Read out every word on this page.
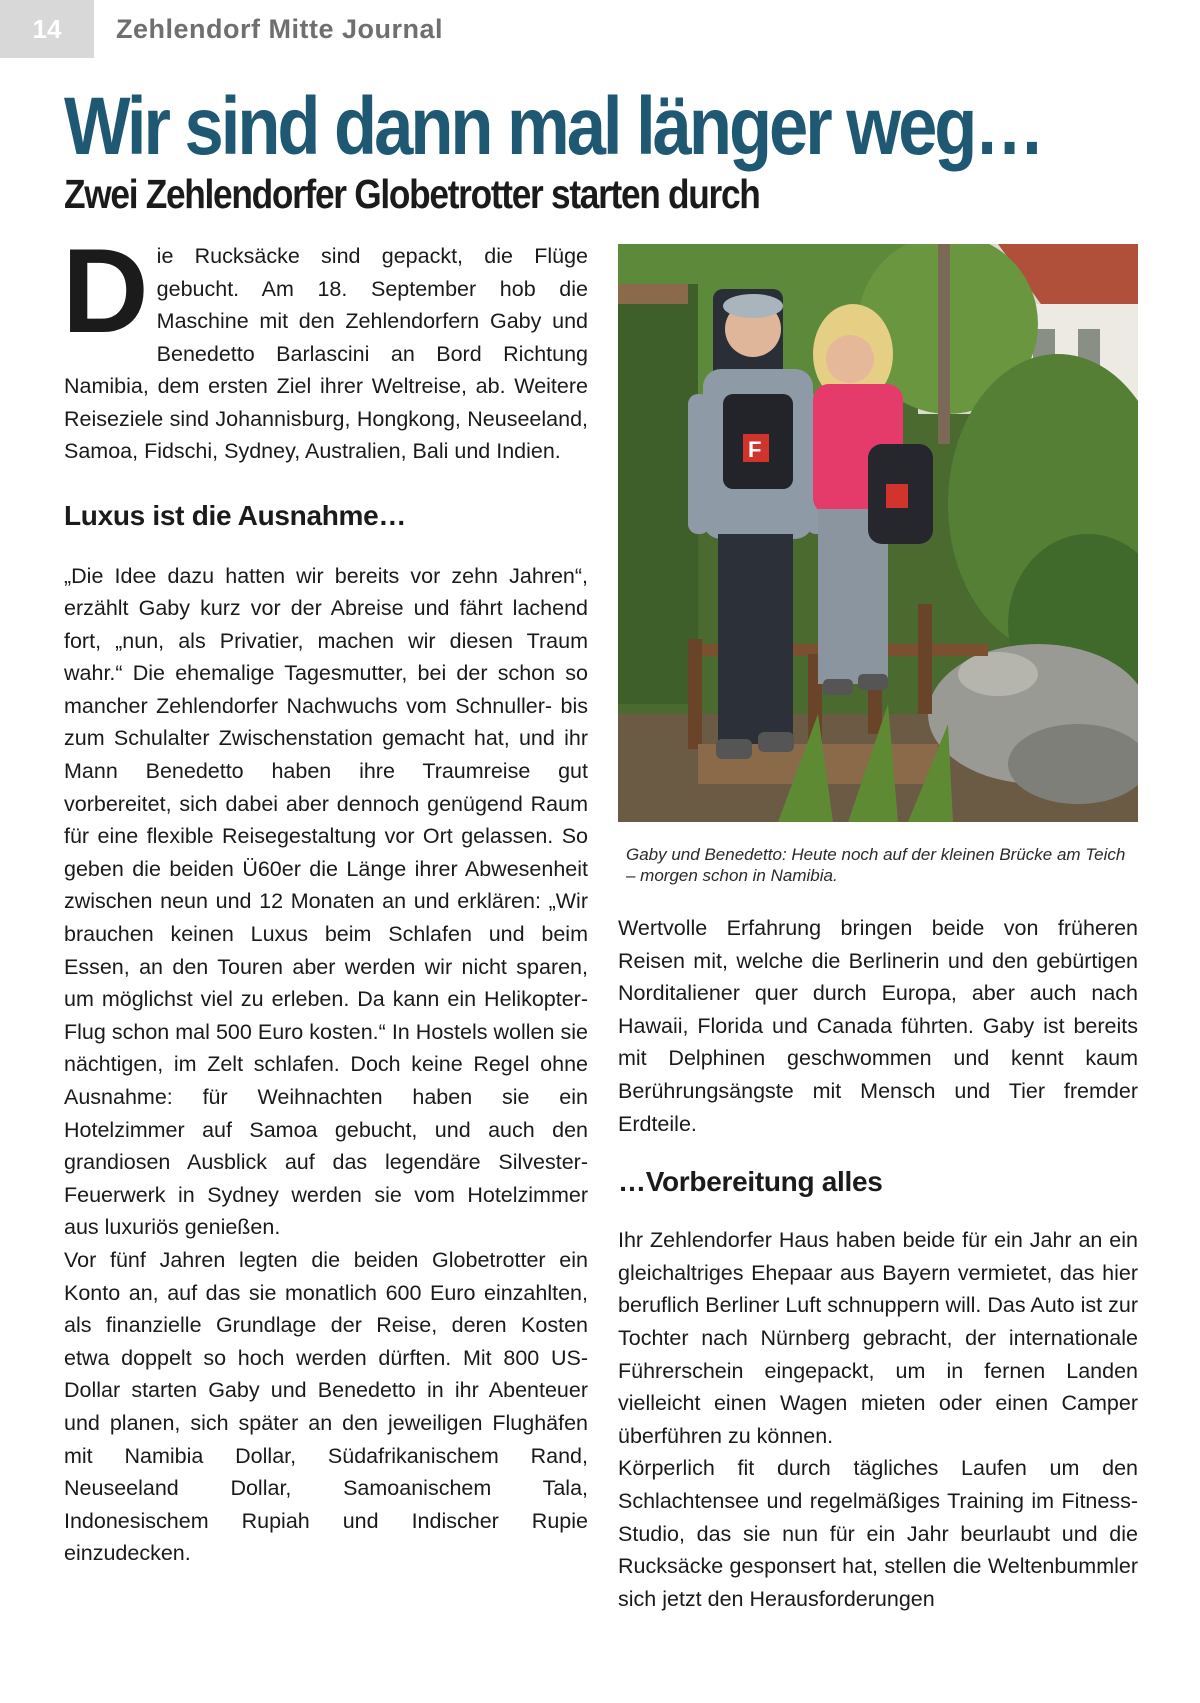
14	Zehlendorf Mitte Journal
Wir sind dann mal länger weg…
Zwei Zehlendorfer Globetrotter starten durch

Die Rucksäcke sind gepackt, die Flüge gebucht. Am 18. September hob die Maschine mit den Zehlendorfern Gaby und Benedetto Barlascini an Bord Richtung Namibia, dem ersten Ziel ihrer Weltreise, ab. Weitere Reiseziele sind Johannisburg, Hongkong, Neuseeland, Samoa, Fidschi, Sydney, Australien, Bali und Indien.

Luxus ist die Ausnahme…

„Die Idee dazu hatten wir bereits vor zehn Jahren“, erzählt Gaby kurz vor der Abreise und fährt lachend fort, „nun, als Privatier, machen wir diesen Traum wahr.“ Die ehemalige Tagesmutter, bei der schon so mancher Zehlendorfer Nachwuchs vom Schnuller- bis zum Schulalter Zwischenstation gemacht hat, und ihr Mann Benedetto haben ihre Traumreise gut vorbereitet, sich dabei aber dennoch genügend Raum für eine flexible Reisegestaltung vor Ort gelassen. So geben die beiden Ü60er die Länge ihrer Abwesenheit zwischen neun und 12 Monaten an und erklären: „Wir brauchen keinen Luxus beim Schlafen und beim Essen, an den Touren aber werden wir nicht sparen, um möglichst viel zu erleben. Da kann ein Helikopter-Flug schon mal 500 Euro kosten.“ In Hostels wollen sie nächtigen, im Zelt schlafen. Doch keine Regel ohne Ausnahme: für Weihnachten haben sie ein Hotelzimmer auf Samoa gebucht, und auch den grandiosen Ausblick auf das legendäre Silvester-Feuerwerk in Sydney werden sie vom Hotelzimmer aus luxuriös genießen.

Vor fünf Jahren legten die beiden Globetrotter ein Konto an, auf das sie monatlich 600 Euro einzahlten, als finanzielle Grundlage der Reise, deren Kosten etwa doppelt so hoch werden dürften. Mit 800 US-Dollar starten Gaby und Benedetto in ihr Abenteuer und planen, sich später an den jeweiligen Flughäfen mit Namibia Dollar, Südafrikanischem Rand, Neuseeland Dollar, Samoanischem Tala, Indonesischem Rupiah und Indischer Rupie einzudecken.

F

Gaby und Benedetto: Heute noch auf der kleinen Brücke am Teich – morgen schon in Namibia.

Wertvolle Erfahrung bringen beide von früheren Reisen mit, welche die Berlinerin und den gebürtigen Norditaliener quer durch Europa, aber auch nach Hawaii, Florida und Canada führten. Gaby ist bereits mit Delphinen geschwommen und kennt kaum Berührungsängste mit Mensch und Tier fremder Erdteile.

…Vorbereitung alles

Ihr Zehlendorfer Haus haben beide für ein Jahr an ein gleichaltriges Ehepaar aus Bayern vermietet, das hier beruflich Berliner Luft schnuppern will. Das Auto ist zur Tochter nach Nürnberg gebracht, der internationale Führerschein eingepackt, um in fernen Landen vielleicht einen Wagen mieten oder einen Camper überführen zu können.

Körperlich fit durch tägliches Laufen um den Schlachtensee und regelmäßiges Training im Fitness-Studio, das sie nun für ein Jahr beurlaubt und die Rucksäcke gesponsert hat, stellen die Weltenbummler sich jetzt den Herausforderungen
